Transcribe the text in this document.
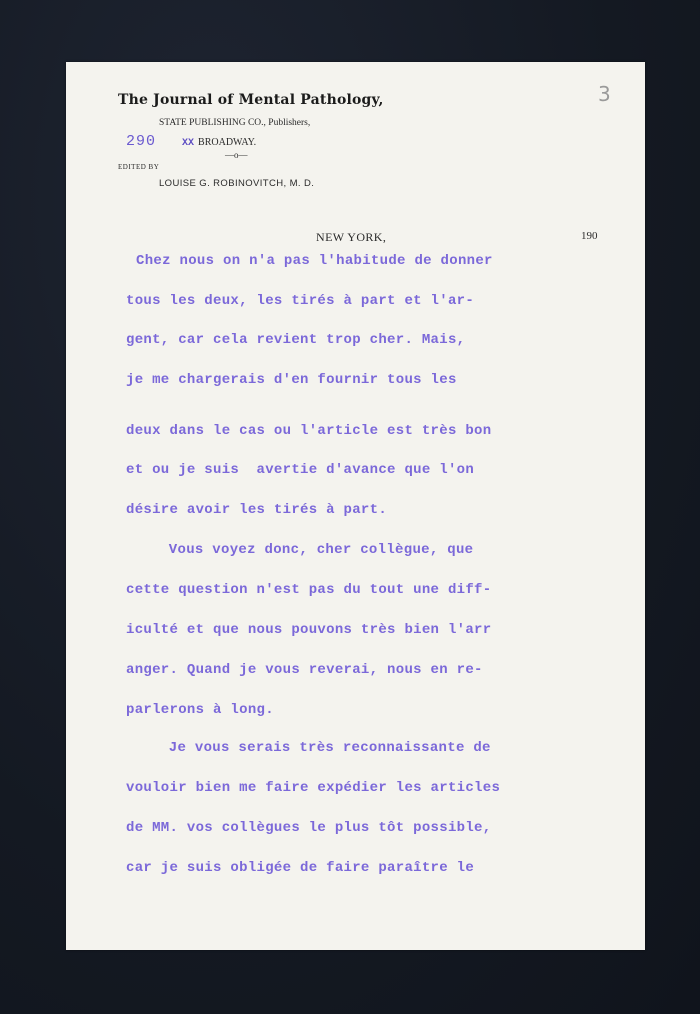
The Journal of Mental Pathology,
STATE PUBLISHING CO., Publishers,
290	XX BROADWAY.
—o—
EDITED BY
LOUISE G. ROBINOVITCH, M. D.
3
NEW YORK,	190
Chez nous on n'a pas l'habitude de donner
tous les deux, les tirés à part et l'ar-
gent, car cela revient trop cher. Mais,
je me chargerais d'en fournir tous les
deux dans le cas ou l'article est très bon
et ou je suis  avertie d'avance que l'on
désire avoir les tirés à part.
Vous voyez donc, cher collègue, que
cette question n'est pas du tout une diff-
iculté et que nous pouvons très bien l'arr
anger. Quand je vous reverai, nous en re-
parlerons à long.
Je vous serais très reconnaissante de
vouloir bien me faire expédier les articles
de MM. vos collègues le plus tôt possible,
car je suis obligée de faire paraître le
